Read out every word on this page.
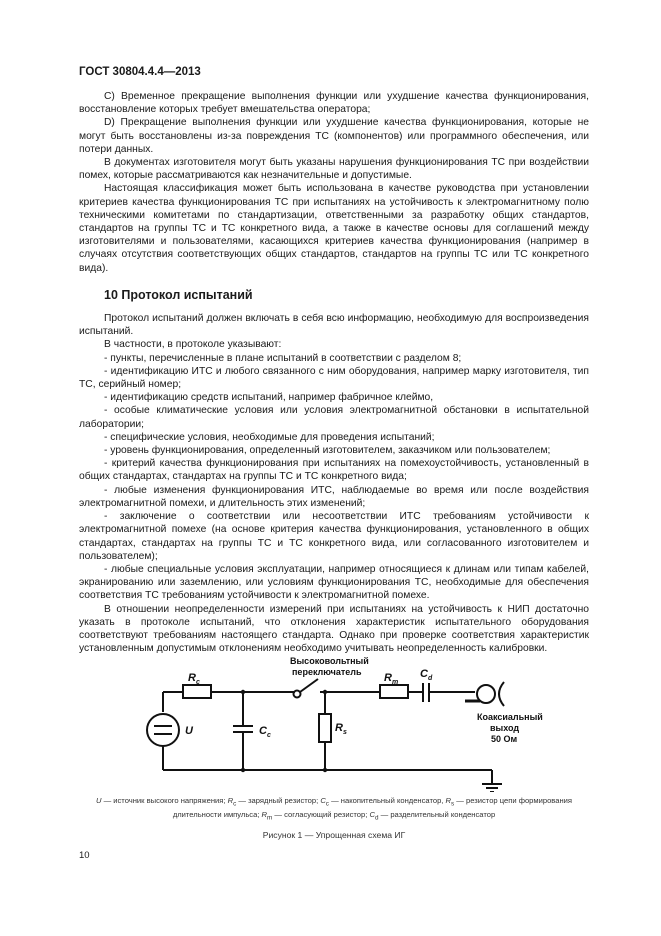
ГОСТ 30804.4.4—2013

C) Временное прекращение выполнения функции или ухудшение качества функционирования, восстановление которых требует вмешательства оператора;

D) Прекращение выполнения функции или ухудшение качества функционирования, которые не могут быть восстановлены из-за повреждения ТС (компонентов) или программного обеспечения, или потери данных.

В документах изготовителя могут быть указаны нарушения функционирования ТС при воздействии помех, которые рассматриваются как незначительные и допустимые.

Настоящая классификация может быть использована в качестве руководства при установлении критериев качества функционирования ТС при испытаниях на устойчивость к электромагнитному полю техническими комитетами по стандартизации, ответственными за разработку общих стандартов, стандартов на группы ТС и ТС конкретного вида, а также в качестве основы для соглашений между изготовителями и пользователями, касающихся критериев качества функционирования (например в случаях отсутствия соответствующих общих стандартов, стандартов на группы ТС или ТС конкретного вида).

10 Протокол испытаний

Протокол испытаний должен включать в себя всю информацию, необходимую для воспроизведения испытаний.

В частности, в протоколе указывают:

- пункты, перечисленные в плане испытаний в соответствии с разделом 8;

- идентификацию ИТС и любого связанного с ним оборудования, например марку изготовителя, тип ТС, серийный номер;

- идентификацию средств испытаний, например фабричное клеймо,

- особые климатические условия или условия электромагнитной обстановки в испытательной лаборатории;

- специфические условия, необходимые для проведения испытаний;

- уровень функционирования, определенный изготовителем, заказчиком или пользователем;

- критерий качества функционирования при испытаниях на помехоустойчивость, установленный в общих стандартах, стандартах на группы ТС и ТС конкретного вида;

- любые изменения функционирования ИТС, наблюдаемые во время или после воздействия электромагнитной помехи, и длительность этих изменений;

- заключение о соответствии или несоответствии ИТС требованиям устойчивости к электромагнитной помехе (на основе критерия качества функционирования, установленного в общих стандартах, стандартах на группы ТС и ТС конкретного вида, или согласованного изготовителем и пользователем);

- любые специальные условия эксплуатации, например относящиеся к длинам или типам кабелей, экранированию или заземлению, или условиям функционирования ТС, необходимые для обеспечения соответствия ТС требованиям устойчивости к электромагнитной помехе.

В отношении неопределенности измерений при испытаниях на устойчивость к НИП достаточно указать в протоколе испытаний, что отклонения характеристик испытательного оборудования соответствуют требованиям настоящего стандарта. Однако при проверке соответствия характеристик установленным допустимым отклонениям необходимо учитывать неопределенность калибровки.

Высоковольтный
переключатель
Коаксиальный
выход
50 Ом
$R_c$
U	$C_c$
$R_s$
$R_m$
$C_d$
U — источник высокого напряжения; $R_c$ — зарядный резистор; $C_c$ — накопительный конденсатор, $R_s$ — резистор цепи формирования длительности импульса; $R_m$ — согласующий резистор; $C_d$ — разделительный конденсатор
Рисунок 1 — Упрощенная схема ИГ
10
